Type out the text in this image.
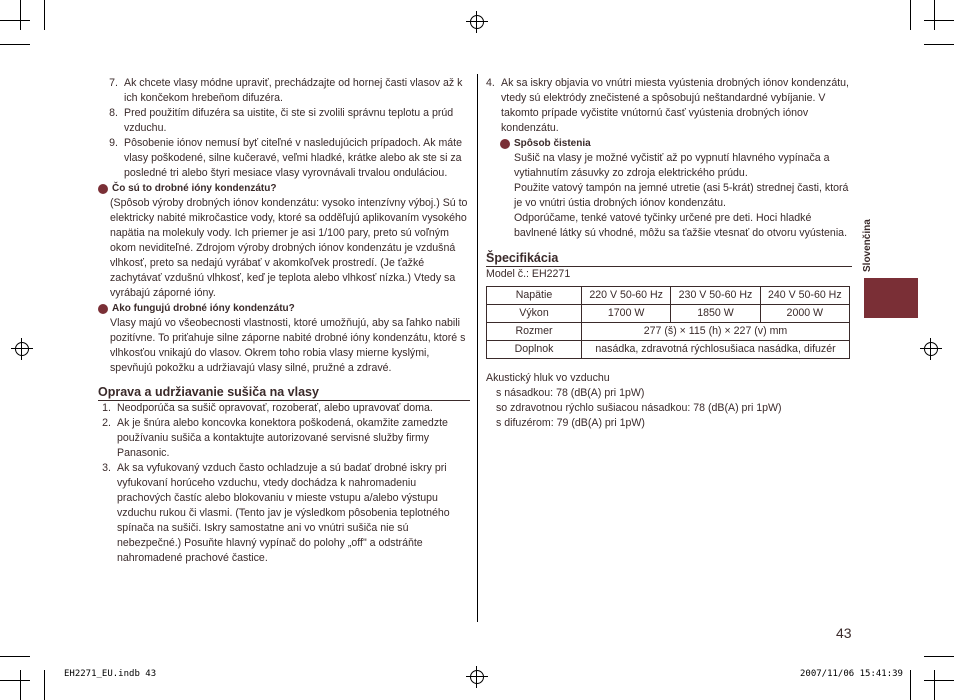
7. Ak chcete vlasy módne upraviť, prechádzajte od hornej časti vlasov až k ich končekom hrebeňom difuzéra.
8. Pred použitím difuzéra sa uistite, či ste si zvolili správnu teplotu a prúd vzduchu.
9. Pôsobenie iónov nemusí byť citeľné v nasledujúcich prípadoch. Ak máte vlasy poškodené, silne kučeravé, veľmi hladké, krátke alebo ak ste si za posledné tri alebo štyri mesiace vlasy vyrovnávali trvalou onduláciou.
Čo sú to drobné ióny kondenzátu?
(Spôsob výroby drobných iónov kondenzátu: vysoko intenzívny výboj.) Sú to elektricky nabité mikročastice vody, ktoré sa odděľujú aplikovaním vysokého napätia na molekuly vody. Ich priemer je asi 1/100 pary, preto sú voľným okom neviditeľné. Zdrojom výroby drobných iónov kondenzátu je vzdušná vlhkosť, preto sa nedajú vyrábať v akomkoľvek prostredí. (Je ťažké zachytávať vzdušnú vlhkosť, keď je teplota alebo vlhkosť nízka.) Vtedy sa vyrábajú záporné ióny.
Ako fungujú drobné ióny kondenzátu?
Vlasy majú vo všeobecnosti vlastnosti, ktoré umožňujú, aby sa ľahko nabili pozitívne. To priťahuje silne záporne nabité drobné ióny kondenzátu, ktoré s vlhkosťou vnikajú do vlasov. Okrem toho robia vlasy mierne kyslými, spevňujú pokožku a udržiavajú vlasy silné, pružné a zdravé.
Oprava a udržiavanie sušiča na vlasy
1. Neodporúča sa sušič opravovať, rozoberať, alebo upravovať doma.
2. Ak je šnúra alebo koncovka konektora poškodená, okamžite zamedzte používaniu sušiča a kontaktujte autorizované servisné služby firmy Panasonic.
3. Ak sa vyfukovaný vzduch často ochladzuje a sú badať drobné iskry pri vyfukovaní horúceho vzduchu, vtedy dochádza k nahromadeniu prachových častíc alebo blokovaniu v mieste vstupu a/alebo výstupu vzduchu rukou či vlasmi. (Tento jav je výsledkom pôsobenia teplotného spínača na sušiči. Iskry samostatne ani vo vnútri sušiča nie sú nebezpečné.) Posuňte hlavný vypínač do polohy „off" a odstráňte nahromadené prachové častice.
4. Ak sa iskry objavia vo vnútri miesta vyústenia drobných iónov kondenzátu, vtedy sú elektródy znečistené a spôsobujú neštandardné vybíjanie. V takomto prípade vyčistite vnútornú časť vyústenia drobných iónov kondenzátu.
Spôsob čistenia
Sušič na vlasy je možné vyčistiť až po vypnutí hlavného vypínača a vytiahnutím zásuvky zo zdroja elektrického prúdu.
Použite vatový tampón na jemné utretie (asi 5-krát) strednej časti, ktorá je vo vnútri ústia drobných iónov kondenzátu.
Odporúčame, tenké vatové tyčinky určené pre deti. Hoci hladké bavlnené látky sú vhodné, môžu sa ťažšie vtesnať do otvoru vyústenia.
Špecifikácia
Model č.: EH2271
Napätie	220 V 50-60 Hz	230 V 50-60 Hz	240 V 50-60 Hz
Výkon	1700 W	1850 W	2000 W
Rozmer	277 (š) × 115 (h) × 227 (v) mm		
Doplnok	nasádka, zdravotná rýchlosušiaca nasádka, difuzér		
Akustický hluk vo vzduchu
s násadkou: 78 (dB(A) pri 1pW)
so zdravotnou rýchlo sušiacou násadkou: 78 (dB(A) pri 1pW)
s difuzérom: 79 (dB(A) pri 1pW)
Slovenčina
43
EH2271_EU.indb 43	2007/11/06 15:41:39
